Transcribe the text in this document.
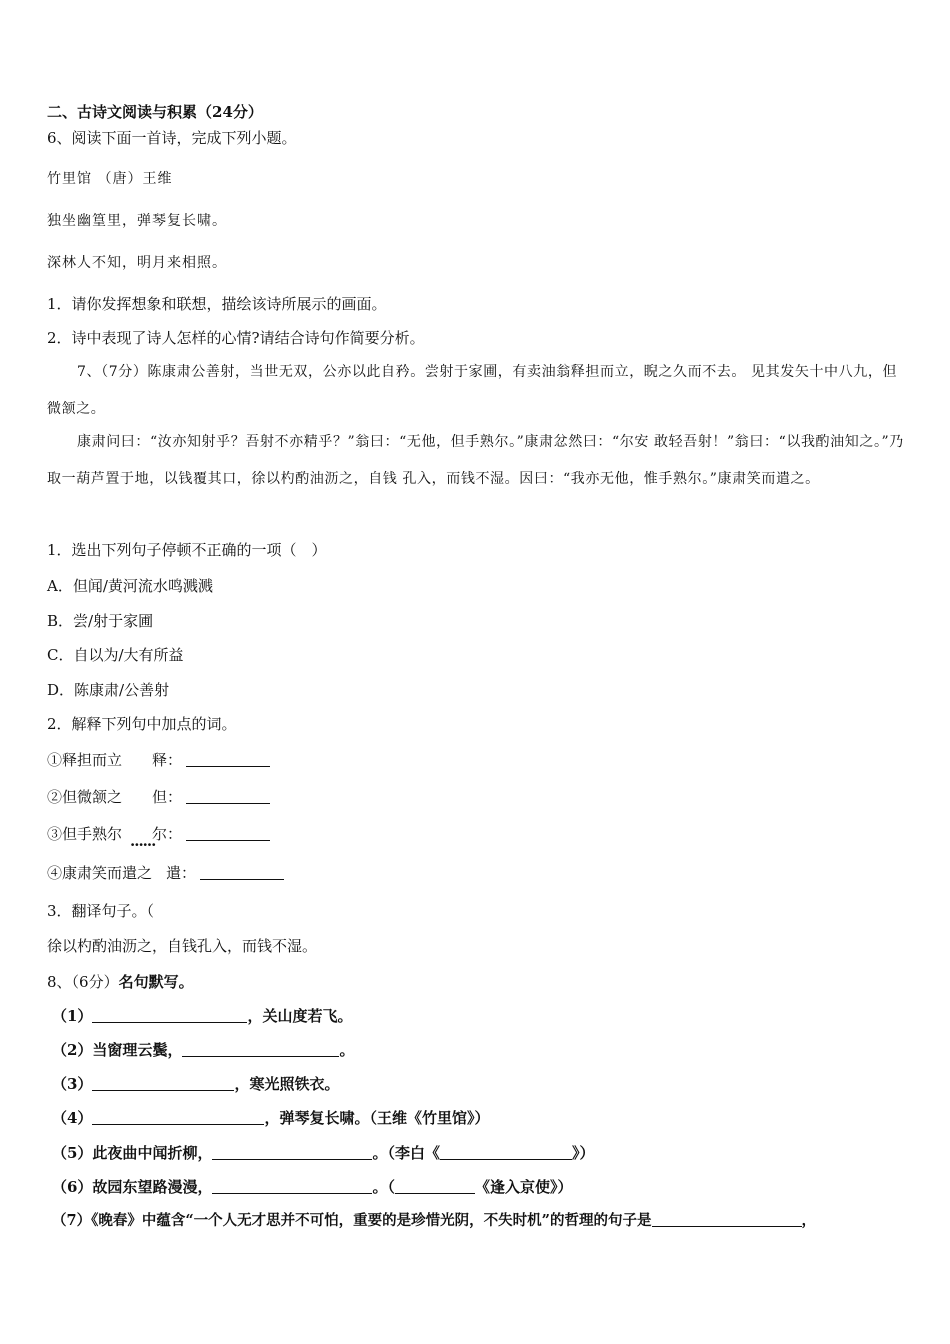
二、古诗文阅读与积累（24分）
6、阅读下面一首诗，完成下列小题。
竹里馆 （唐）王维
独坐幽篁里，弹琴复长啸。
深林人不知，明月来相照。
1．请你发挥想象和联想，描绘该诗所展示的画面。
2．诗中表现了诗人怎样的心情?请结合诗句作简要分析。
7、（7分）陈康肃公善射，当世无双，公亦以此自矜。尝射于家圃，有卖油翁释担而立，睨之久而不去。 见其发矢十中八九，但微颔之。
康肃问曰：“汝亦知射乎？吾射不亦精乎？”翁曰：“无他，但手熟尔。”康肃忿然曰：“尔安 敢轻吾射！”翁曰：“以我酌油知之。”乃取一葫芦置于地，以钱覆其口，徐以杓酌油沥之，自钱 孔入，而钱不湿。因曰：“我亦无他，惟手熟尔。”康肃笑而遣之。
1．选出下列句子停顿不正确的一项（　）
A．但闻/黄河流水鸣溅溅
B．尝/射于家圃
C．自以为/大有所益
D．陈康肃/公善射
2．解释下列句中加点的词。
①释担而立 释：
②但微颔之 但：
③但手熟尔 尔：
......
④康肃笑而遣之 遣：
3．翻译句子。（
徐以杓酌油沥之，自钱孔入，而钱不湿。
8、（6分）名句默写。
（1）	，关山度若飞。
（2）当窗理云鬓，	。
（3）	，寒光照铁衣。
（4）	，弹琴复长啸。（王维《竹里馆》）
（5）此夜曲中闻折柳，	。（李白《	》）
（6）故园东望路漫漫，	。（	《逢入京使》）
（7）《晚春》中蕴含“一个人无才思并不可怕，重要的是珍惜光阴，不失时机”的哲理的句子是	，
